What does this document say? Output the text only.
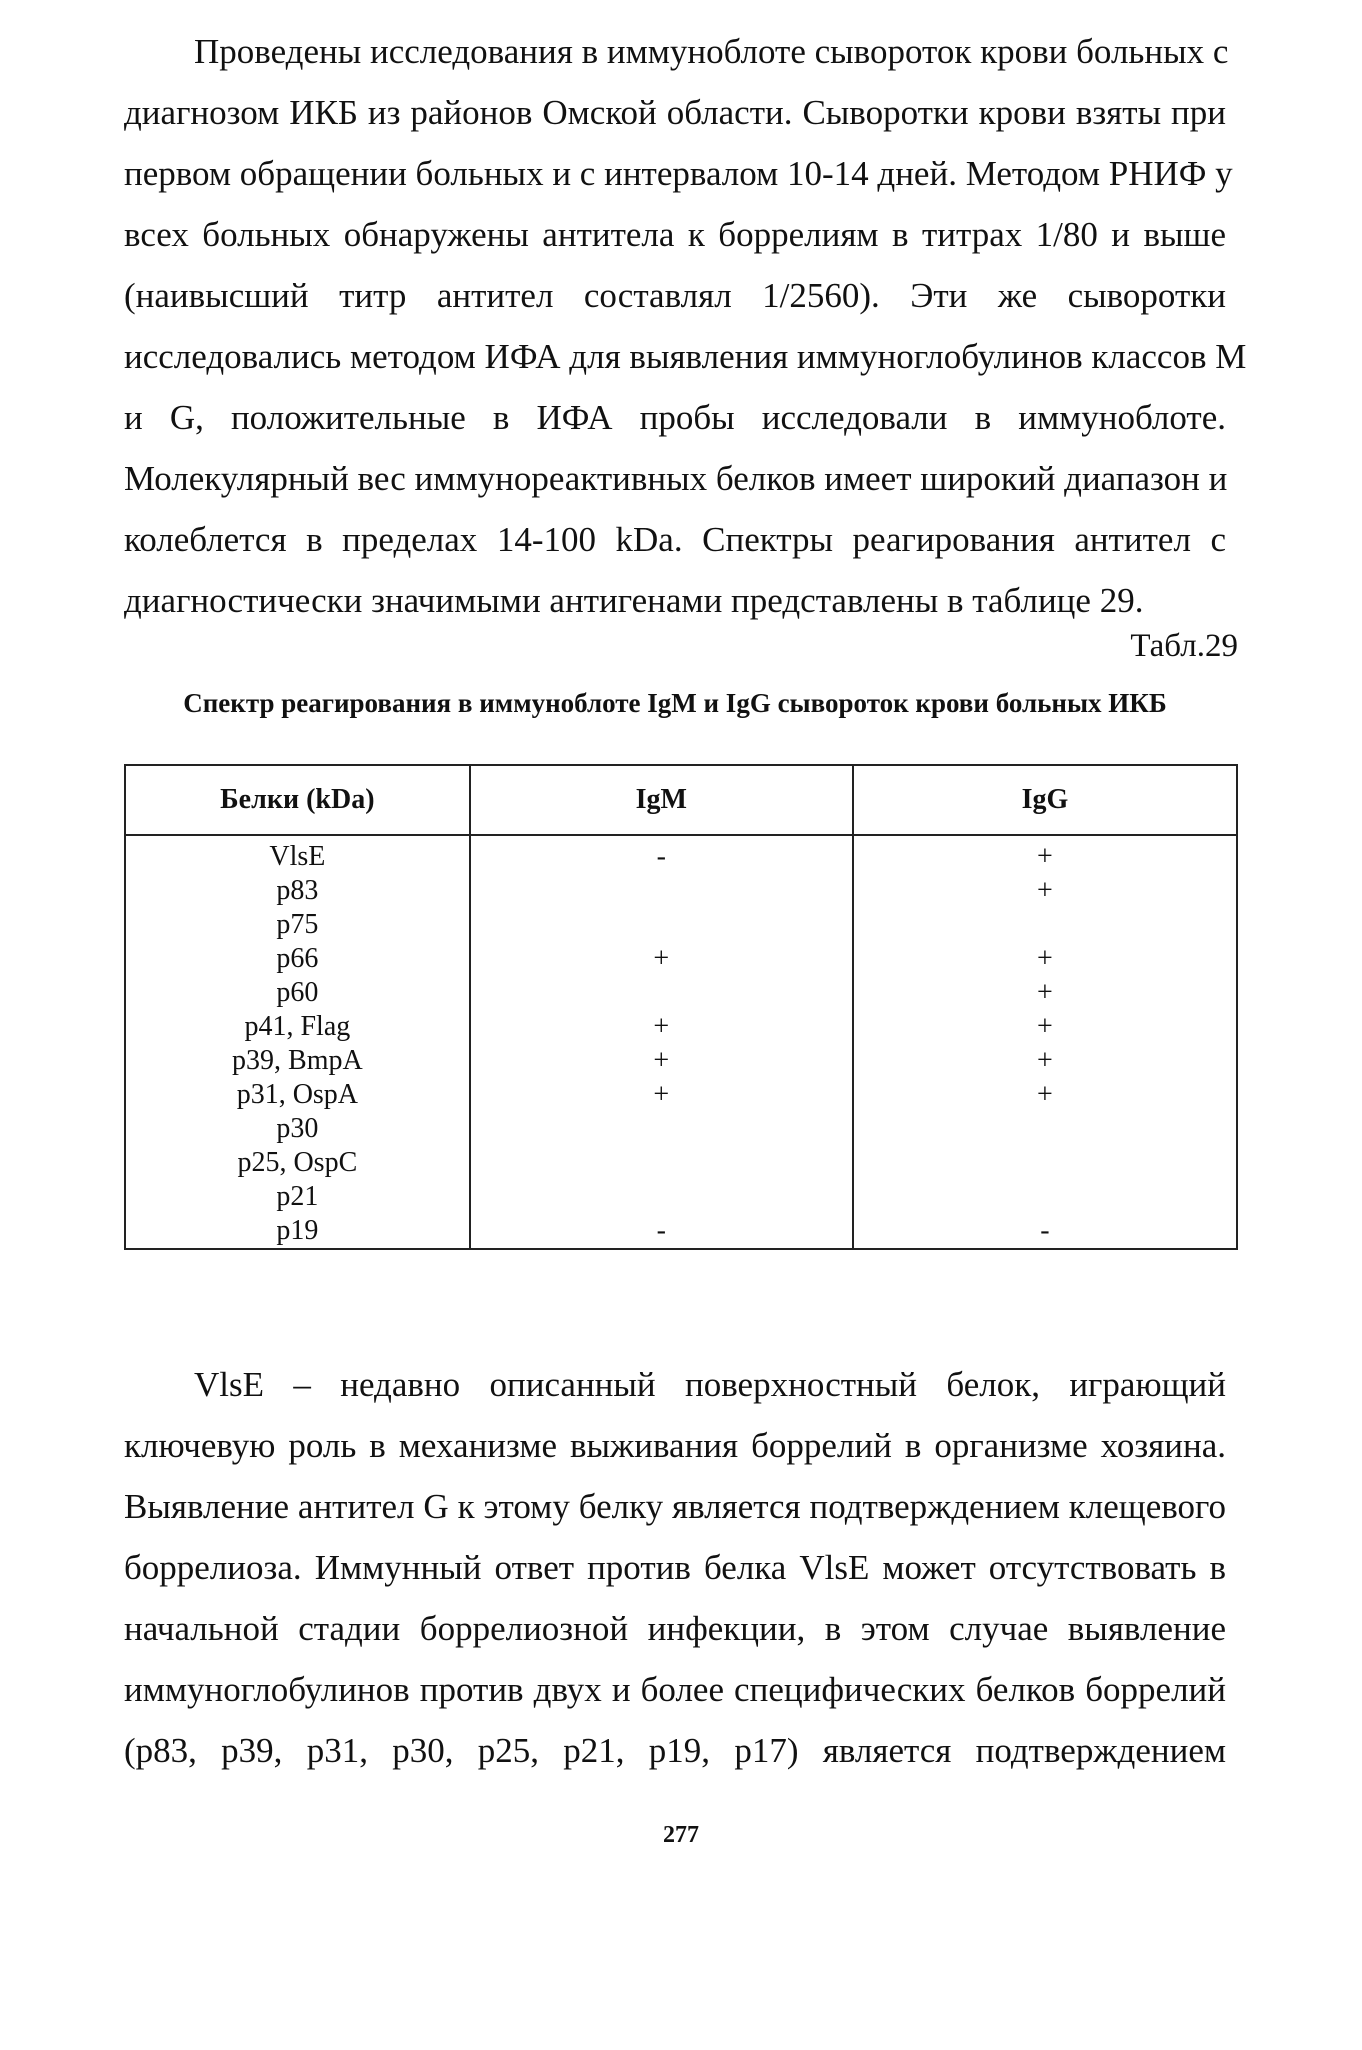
Проведены исследования в иммуноблоте сывороток крови больных с
диагнозом ИКБ из районов Омской области. Сыворотки крови взяты при
первом обращении больных и с интервалом 10-14 дней. Методом РНИФ у
всех больных обнаружены антитела к боррелиям в титрах 1/80 и выше
(наивысший титр антител составлял 1/2560). Эти же сыворотки
исследовались методом ИФА для выявления иммуноглобулинов классов М
и G, положительные в ИФА пробы исследовали в иммуноблоте.
Молекулярный вес иммунореактивных белков имеет широкий диапазон и
колеблется в пределах 14-100 kDa. Спектры реагирования антител с
диагностически значимыми антигенами представлены в таблице 29.
Табл.29
Спектр реагирования в иммуноблоте IgM и IgG сывороток крови больных ИКБ
Белки (kDa)	IgM	IgG
VlsE	-	+
p83		+
p75		
p66	+	+
p60		+
p41, Flag	+	+
p39, BmpA	+	+
p31, OspA	+	+
p30		
p25, OspC		
p21		
p19	-	-
VlsE – недавно описанный поверхностный белок, играющий
ключевую роль в механизме выживания боррелий в организме хозяина.
Выявление антител G к этому белку является подтверждением клещевого
боррелиоза. Иммунный ответ против белка VlsE может отсутствовать в
начальной стадии боррелиозной инфекции, в этом случае выявление
иммуноглобулинов против двух и более специфических белков боррелий
(p83, p39, p31, p30, p25, p21, p19, p17) является подтверждением
277
